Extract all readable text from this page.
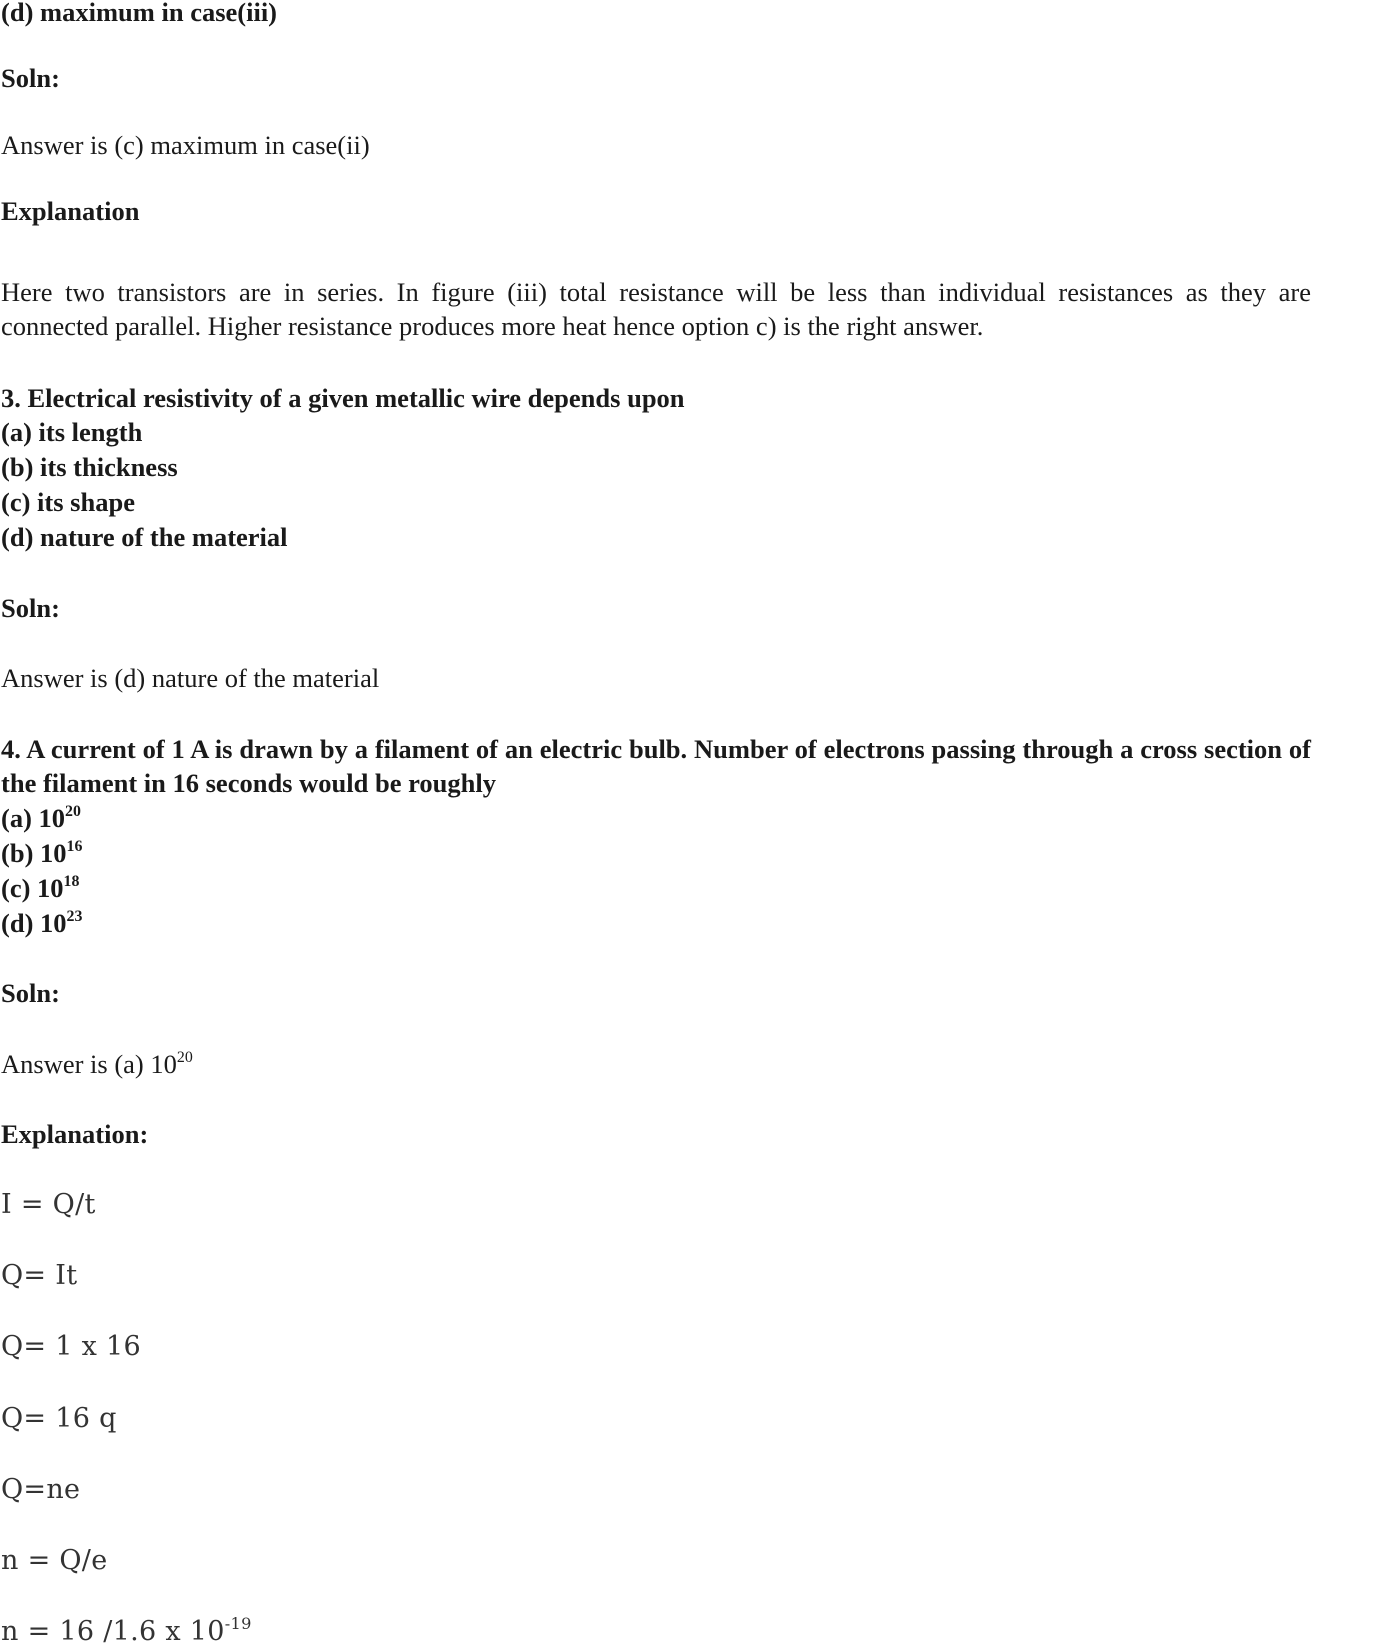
(d) maximum in case(iii)

Soln:

Answer is (c) maximum in case(ii)

Explanation

Here two transistors are in series. In figure (iii) total resistance will be less than individual resistances as they are connected parallel. Higher resistance produces more heat hence option c) is the right answer.

3. Electrical resistivity of a given metallic wire depends upon

(a) its length

(b) its thickness

(c) its shape

(d) nature of the material

Soln:

Answer is (d) nature of the material

4. A current of 1 A is drawn by a filament of an electric bulb. Number of electrons passing through a cross section of the filament in 16 seconds would be roughly

(a) $10^{20}$

(b) $10^{16}$

(c) $10^{18}$

(d) $10^{23}$

Soln:

Answer is (a) $10^{20}$

Explanation:

I = Q/t

Q= It

Q= 1 x 16

Q= 16 q

Q=ne

n = Q/e

n = 16 /1.6 x $10^{-19}$
